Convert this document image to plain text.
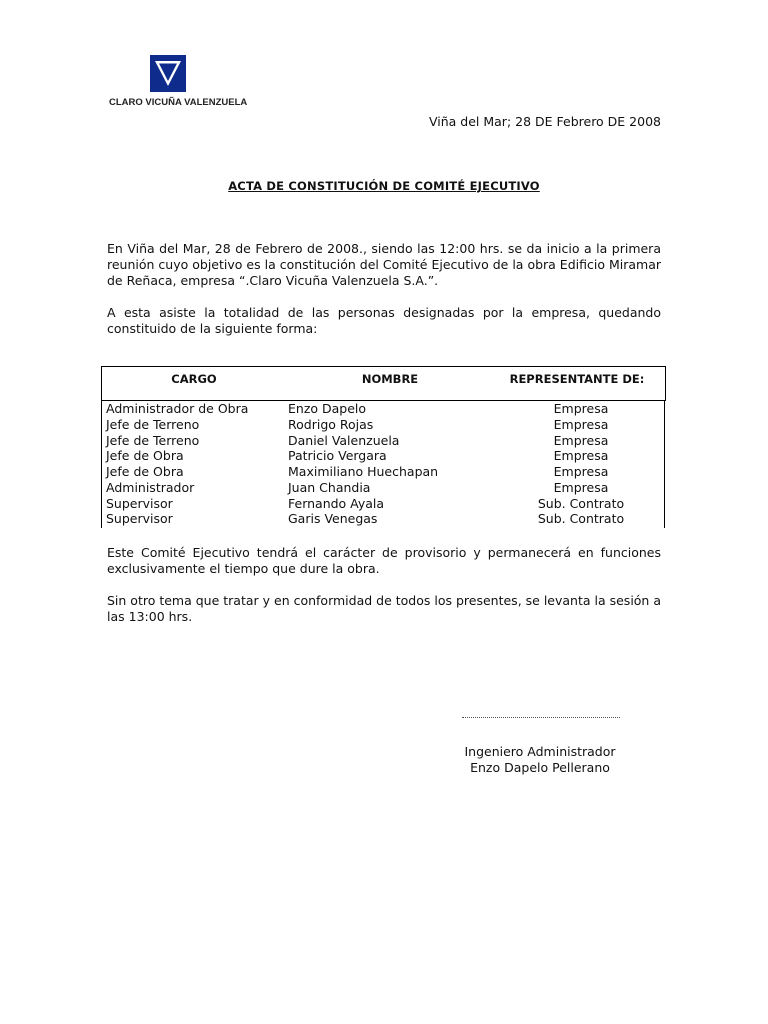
CLARO VICUÑA VALENZUELA
Viña del Mar; 28 DE Febrero DE 2008
ACTA DE CONSTITUCIÓN DE COMITÉ EJECUTIVO
En Viña del Mar, 28 de Febrero de 2008., siendo las 12:00 hrs. se da inicio a la primera reunión cuyo objetivo es la constitución del Comité Ejecutivo de la obra Edificio Miramar de Reñaca, empresa “.Claro Vicuña Valenzuela S.A.”.
A esta asiste la totalidad de las personas designadas por la empresa, quedando constituido de la siguiente forma:
CARGO	NOMBRE	REPRESENTANTE DE:
Administrador de Obra	Enzo Dapelo	Empresa
Jefe de Terreno	Rodrigo Rojas	Empresa
Jefe de Terreno	Daniel Valenzuela	Empresa
Jefe de Obra	Patricio Vergara	Empresa
Jefe de Obra	Maximiliano Huechapan	Empresa
Administrador	Juan Chandia	Empresa
Supervisor	Fernando Ayala	Sub. Contrato
Supervisor	Garis Venegas	Sub. Contrato
Este Comité Ejecutivo tendrá el carácter de provisorio y permanecerá en funciones exclusivamente el tiempo que dure la obra.
Sin otro tema que tratar y en conformidad de todos los presentes, se levanta la sesión a las 13:00 hrs.
Ingeniero Administrador
Enzo Dapelo Pellerano
